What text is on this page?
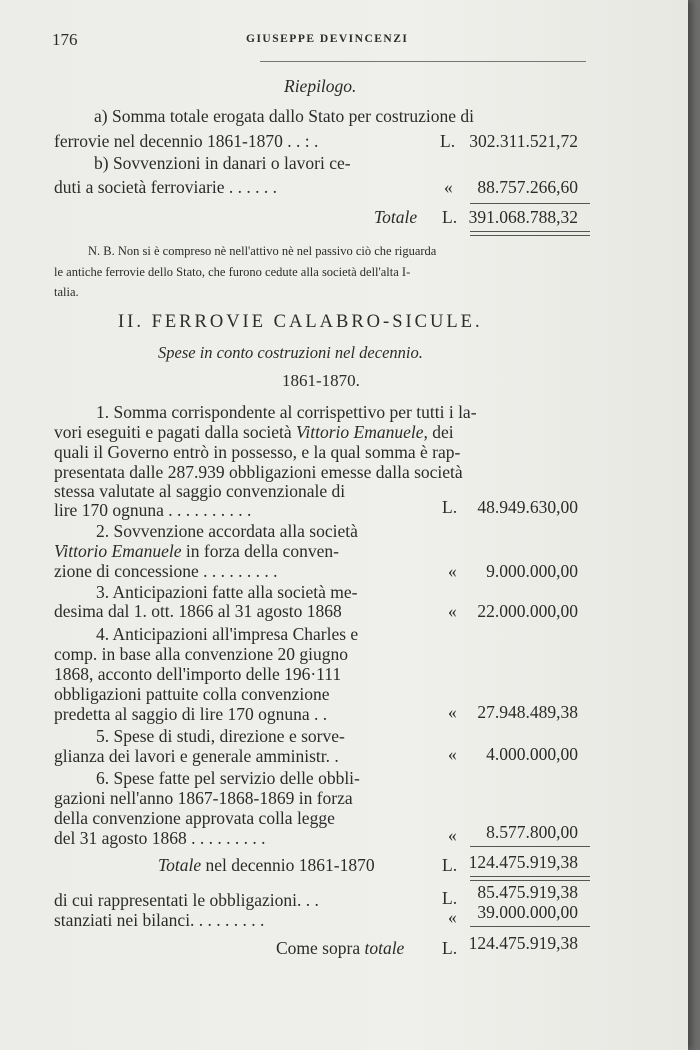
176	GIUSEPPE DEVINCENZI
Riepilogo.
a) Somma totale erogata dallo Stato per costruzione di
ferrovie nel decennio 1861-1870 . . : .	L. 302.311.521,72
b) Sovvenzioni in danari o lavori ce-
duti a società ferroviarie . . . . . .	« 88.757.266,60
Totale L. 391.068.788,32
N. B. Non si è compreso nè nell'attivo nè nel passivo ciò che riguarda
le antiche ferrovie dello Stato, che furono cedute alla società dell'alta I-
talia.
II. FERROVIE CALABRO-SICULE.
Spese in conto costruzioni nel decennio.
1861-1870.
1. Somma corrispondente al corrispettivo per tutti i la-
vori eseguiti e pagati dalla società Vittorio Emanuele, dei
quali il Governo entrò in possesso, e la qual somma è rap-
presentata dalle 287.939 obbligazioni emesse dalla società
stessa valutate al saggio convenzionale di
lire 170 ognuna . . . . . . . . . .	L. 48.949.630,00
2. Sovvenzione accordata alla società
Vittorio Emanuele in forza della conven-
zione di concessione . . . . . . . . .	« 9.000.000,00
3. Anticipazioni fatte alla società me-
desima dal 1. ott. 1866 al 31 agosto 1868	« 22.000.000,00
4. Anticipazioni all'impresa Charles e
comp. in base alla convenzione 20 giugno
1868, acconto dell'importo delle 196·111
obbligazioni pattuite colla convenzione
predetta al saggio di lire 170 ognuna . .	« 27.948.489,38
5. Spese di studi, direzione e sorve-
glianza dei lavori e generale amministr. .	« 4.000.000,00
6. Spese fatte pel servizio delle obbli-
gazioni nell'anno 1867-1868-1869 in forza
della convenzione approvata colla legge
del 31 agosto 1868 . . . . . . . . .	« 8.577.800,00
Totale nel decennio 1861-1870	L. 124.475.919,38
di cui rappresentati le obbligazioni. . .	L. 85.475.919,38
stanziati nei bilanci. . . . . . . . .	« 39.000.000,00
Come sopra totale L. 124.475.919,38
